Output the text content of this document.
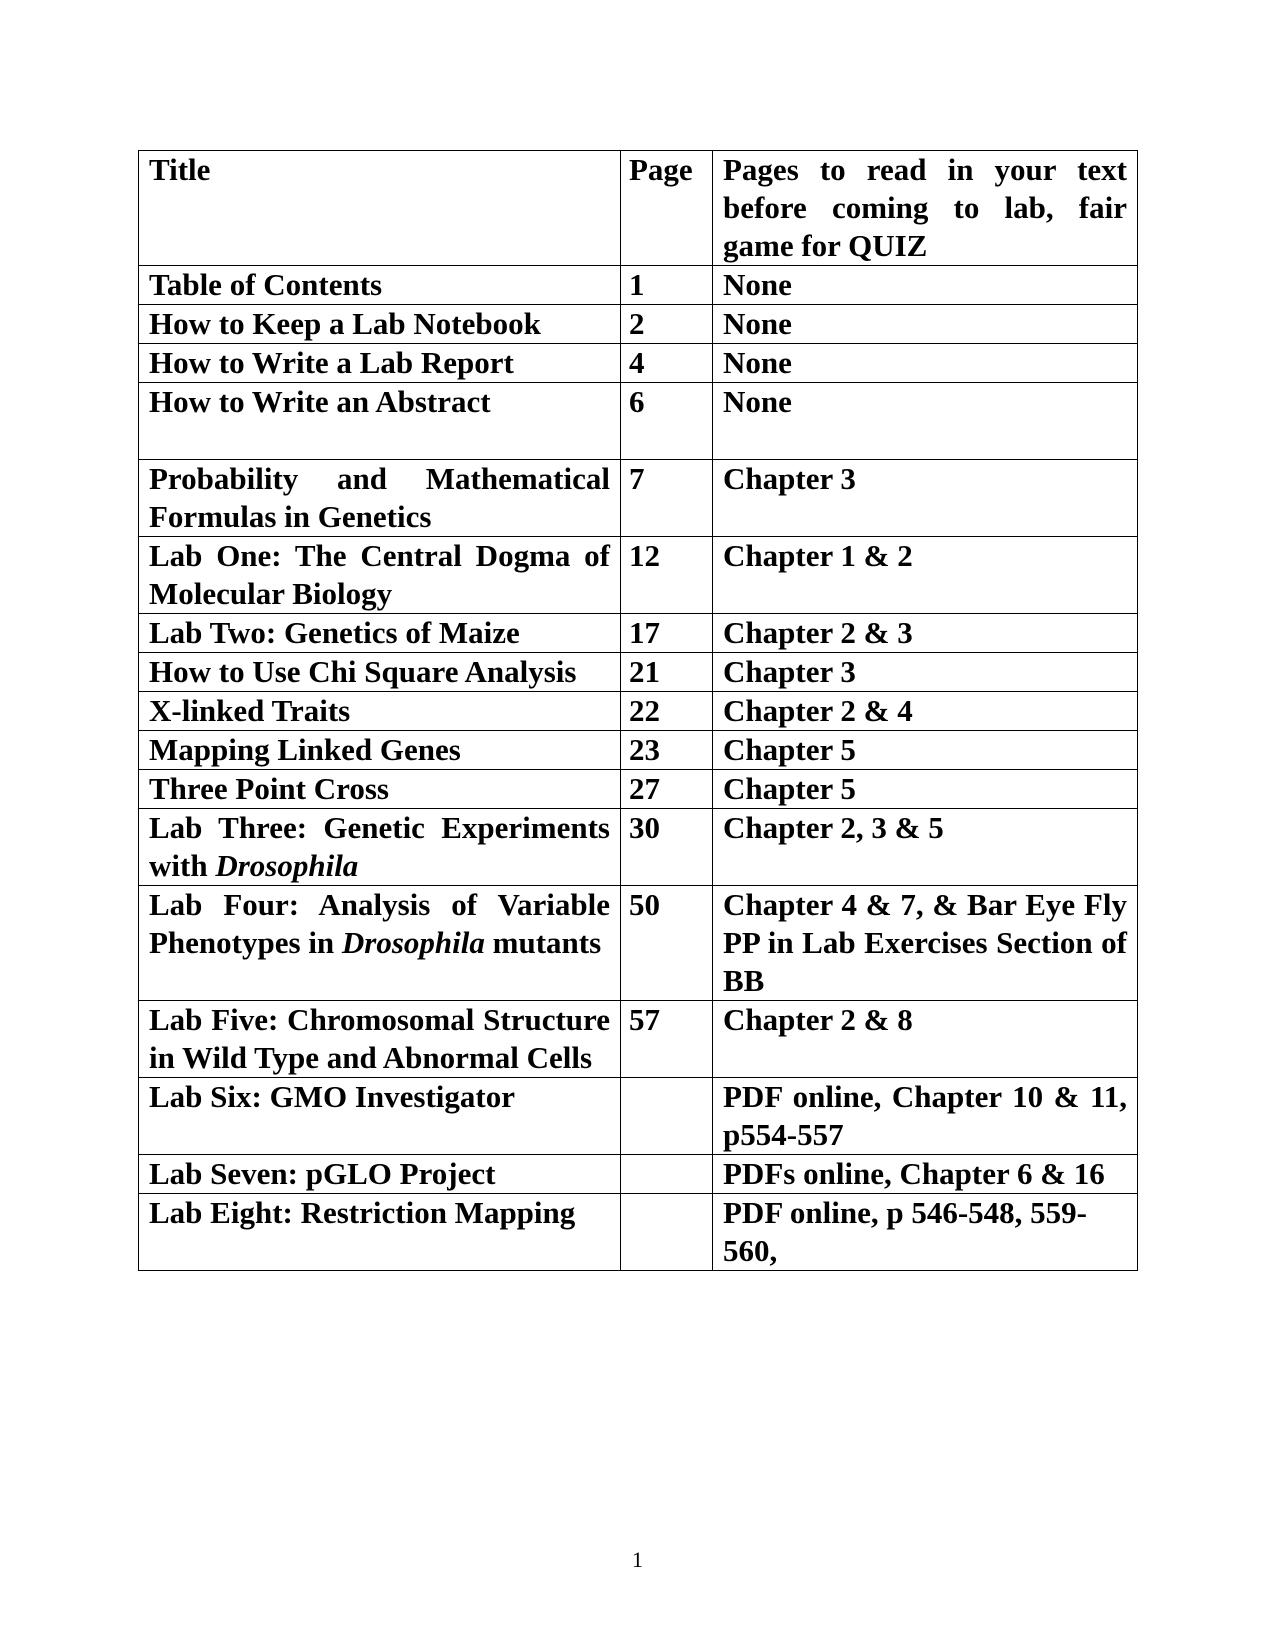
Title	Page	Pages to read in your text before coming to lab, fair game for QUIZ
Table of Contents	1	None
How to Keep a Lab Notebook	2	None
How to Write a Lab Report	4	None
How to Write an Abstract	6	None
Probability and Mathematical Formulas in Genetics	7	Chapter 3
Lab One: The Central Dogma of Molecular Biology	12	Chapter 1 & 2
Lab Two: Genetics of Maize	17	Chapter 2 & 3
How to Use Chi Square Analysis	21	Chapter 3
X-linked Traits	22	Chapter 2 & 4
Mapping Linked Genes	23	Chapter 5
Three Point Cross	27	Chapter 5
Lab Three: Genetic Experiments with Drosophila	30	Chapter 2, 3 & 5
Lab Four: Analysis of Variable Phenotypes in Drosophila mutants	50	Chapter 4 & 7, & Bar Eye Fly PP in Lab Exercises Section of BB
Lab Five: Chromosomal Structure in Wild Type and Abnormal Cells	57	Chapter 2 & 8
Lab Six: GMO Investigator		PDF online, Chapter 10 & 11, p554-557
Lab Seven: pGLO Project		PDFs online, Chapter 6 & 16
Lab Eight: Restriction Mapping		PDF online, p 546-548, 559-560,
1
